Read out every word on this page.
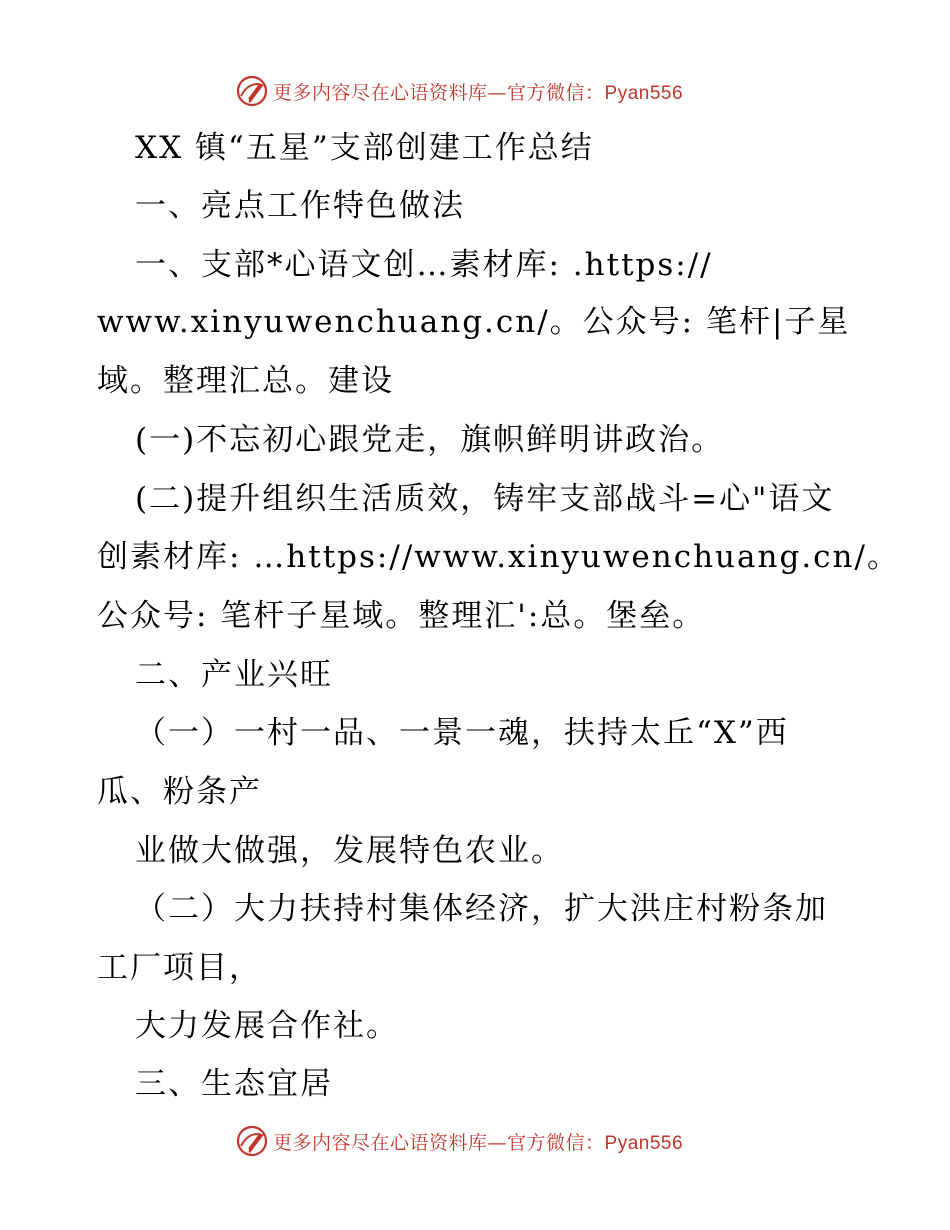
更多内容尽在心语资料库—官方微信：Pyan556
XX 镇“五星”支部创建工作总结
一、亮点工作特色做法
一、支部*心语文创…素材库: .https://
www.xinyuwenchuang.cn/。公众号: 笔杆|子星
域。整理汇总。建设
(一)不忘初心跟党走，旗帜鲜明讲政治。
(二)提升组织生活质效，铸牢支部战斗=心"语文
创素材库: …https://www.xinyuwenchuang.cn/。
公众号: 笔杆子星域。整理汇':总。堡垒。
二、产业兴旺
（一）一村一品、一景一魂，扶持太丘“X”西
瓜、粉条产
业做大做强，发展特色农业。
（二）大力扶持村集体经济，扩大洪庄村粉条加
工厂项目，
大力发展合作社。
三、生态宜居
更多内容尽在心语资料库—官方微信：Pyan556
